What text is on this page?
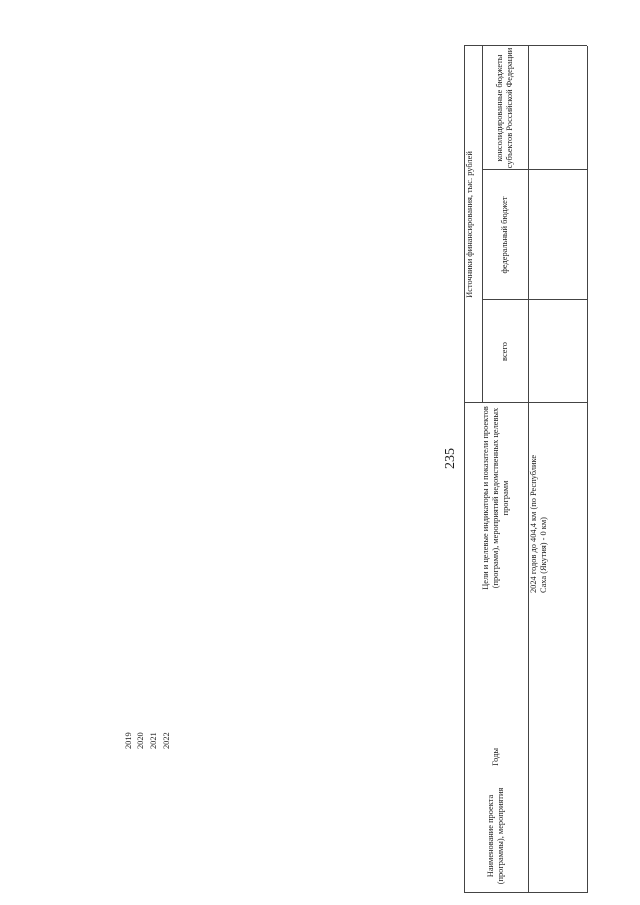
235
Наименование проекта (программы), мероприятия
Годы
Цели и целевые индикаторы и показатели проектов (программ), мероприятий ведомственных целевых программ
Источники финансирования, тыс. рублей
всего
федеральный бюджет
консолидированные бюджеты субъектов Российской Федерации
2024 годов до 404,4 км (по Республике Саха (Якутия) - 0 км)
2019 2020 2021 2022
